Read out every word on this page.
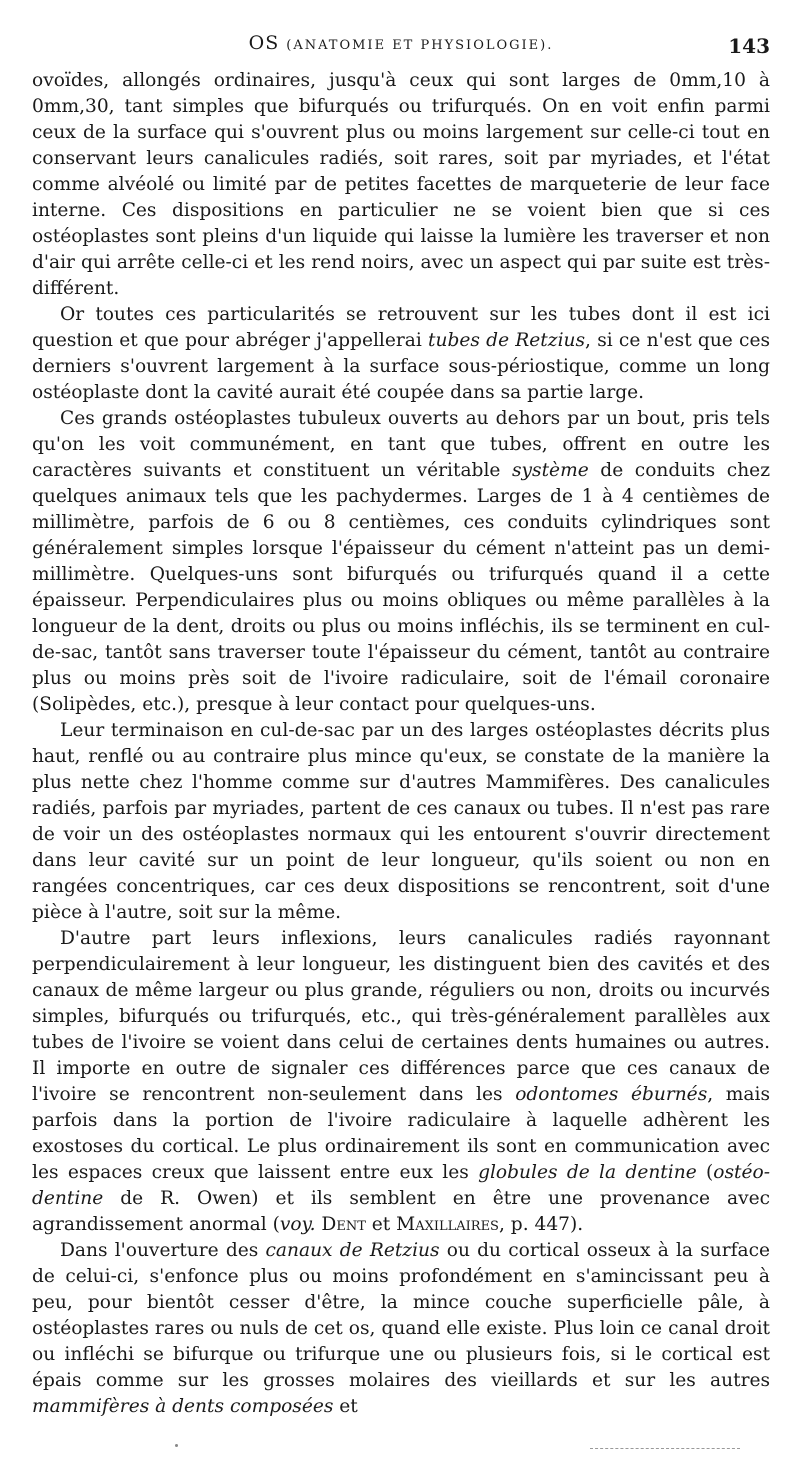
OS (ANATOMIE ET PHYSIOLOGIE).	143

ovoïdes, allongés ordinaires, jusqu'à ceux qui sont larges de 0mm,10 à 0mm,30, tant simples que bifurqués ou trifurqués. On en voit enfin parmi ceux de la surface qui s'ouvrent plus ou moins largement sur celle-ci tout en conservant leurs canalicules radiés, soit rares, soit par myriades, et l'état comme alvéolé ou limité par de petites facettes de marqueterie de leur face interne. Ces dispositions en particulier ne se voient bien que si ces ostéoplastes sont pleins d'un liquide qui laisse la lumière les traverser et non d'air qui arrête celle-ci et les rend noirs, avec un aspect qui par suite est très-différent.

Or toutes ces particularités se retrouvent sur les tubes dont il est ici question et que pour abréger j'appellerai tubes de Retzius, si ce n'est que ces derniers s'ouvrent largement à la surface sous-périostique, comme un long ostéoplaste dont la cavité aurait été coupée dans sa partie large.

Ces grands ostéoplastes tubuleux ouverts au dehors par un bout, pris tels qu'on les voit communément, en tant que tubes, offrent en outre les caractères suivants et constituent un véritable système de conduits chez quelques animaux tels que les pachydermes. Larges de 1 à 4 centièmes de millimètre, parfois de 6 ou 8 centièmes, ces conduits cylindriques sont généralement simples lorsque l'épaisseur du cément n'atteint pas un demi-millimètre. Quelques-uns sont bifurqués ou trifurqués quand il a cette épaisseur. Perpendiculaires plus ou moins obliques ou même parallèles à la longueur de la dent, droits ou plus ou moins infléchis, ils se terminent en cul-de-sac, tantôt sans traverser toute l'épaisseur du cément, tantôt au contraire plus ou moins près soit de l'ivoire radiculaire, soit de l'émail coronaire (Solipèdes, etc.), presque à leur contact pour quelques-uns.

Leur terminaison en cul-de-sac par un des larges ostéoplastes décrits plus haut, renflé ou au contraire plus mince qu'eux, se constate de la manière la plus nette chez l'homme comme sur d'autres Mammifères. Des canalicules radiés, parfois par myriades, partent de ces canaux ou tubes. Il n'est pas rare de voir un des ostéoplastes normaux qui les entourent s'ouvrir directement dans leur cavité sur un point de leur longueur, qu'ils soient ou non en rangées concentriques, car ces deux dispositions se rencontrent, soit d'une pièce à l'autre, soit sur la même.

D'autre part leurs inflexions, leurs canalicules radiés rayonnant perpendiculairement à leur longueur, les distinguent bien des cavités et des canaux de même largeur ou plus grande, réguliers ou non, droits ou incurvés simples, bifurqués ou trifurqués, etc., qui très-généralement parallèles aux tubes de l'ivoire se voient dans celui de certaines dents humaines ou autres. Il importe en outre de signaler ces différences parce que ces canaux de l'ivoire se rencontrent non-seulement dans les odontomes éburnés, mais parfois dans la portion de l'ivoire radiculaire à laquelle adhèrent les exostoses du cortical. Le plus ordinairement ils sont en communication avec les espaces creux que laissent entre eux les globules de la dentine (ostéo-dentine de R. Owen) et ils semblent en être une provenance avec agrandissement anormal (voy. Dent et Maxillaires, p. 447).

Dans l'ouverture des canaux de Retzius ou du cortical osseux à la surface de celui-ci, s'enfonce plus ou moins profondément en s'amincissant peu à peu, pour bientôt cesser d'être, la mince couche superficielle pâle, à ostéoplastes rares ou nuls de cet os, quand elle existe. Plus loin ce canal droit ou infléchi se bifurque ou trifurque une ou plusieurs fois, si le cortical est épais comme sur les grosses molaires des vieillards et sur les autres mammifères à dents composées et
